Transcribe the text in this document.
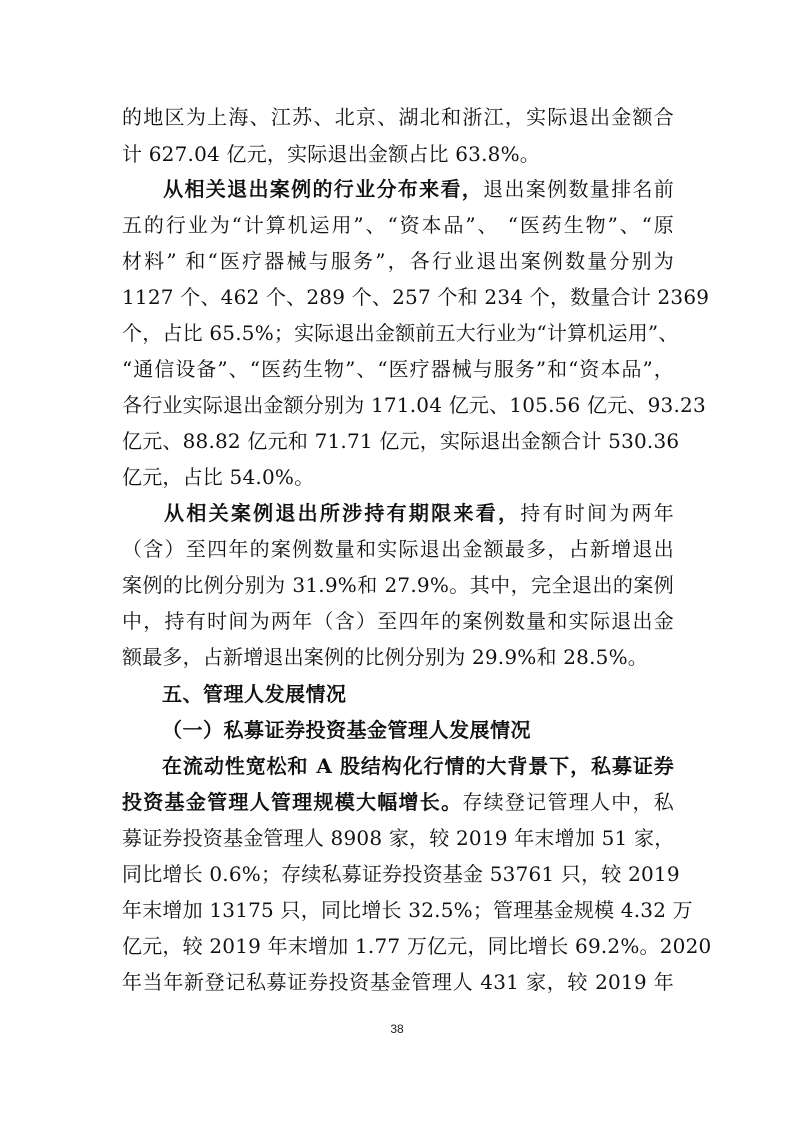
的地区为上海、江苏、北京、湖北和浙江，实际退出金额合
计 627.04 亿元，实际退出金额占比 63.8%。
从相关退出案例的行业分布来看，退出案例数量排名前
五的行业为“计算机运用”、“资本品”、 “医药生物”、“原
材料” 和“医疗器械与服务”，各行业退出案例数量分别为
1127 个、462 个、289 个、257 个和 234 个，数量合计 2369
个，占比 65.5%；实际退出金额前五大行业为“计算机运用”、
“通信设备”、“医药生物”、“医疗器械与服务”和“资本品”，
各行业实际退出金额分别为 171.04 亿元、105.56 亿元、93.23
亿元、88.82 亿元和 71.71 亿元，实际退出金额合计 530.36
亿元，占比 54.0%。
从相关案例退出所涉持有期限来看，持有时间为两年
（含）至四年的案例数量和实际退出金额最多，占新增退出
案例的比例分别为 31.9%和 27.9%。其中，完全退出的案例
中，持有时间为两年（含）至四年的案例数量和实际退出金
额最多，占新增退出案例的比例分别为 29.9%和 28.5%。
五、管理人发展情况
（一）私募证券投资基金管理人发展情况
在流动性宽松和 A 股结构化行情的大背景下，私募证券
投资基金管理人管理规模大幅增长。存续登记管理人中，私
募证券投资基金管理人 8908 家，较 2019 年末增加 51 家，
同比增长 0.6%；存续私募证券投资基金 53761 只，较 2019
年末增加 13175 只，同比增长 32.5%；管理基金规模 4.32 万
亿元，较 2019 年末增加 1.77 万亿元，同比增长 69.2%。2020
年当年新登记私募证券投资基金管理人 431 家，较 2019 年
38
